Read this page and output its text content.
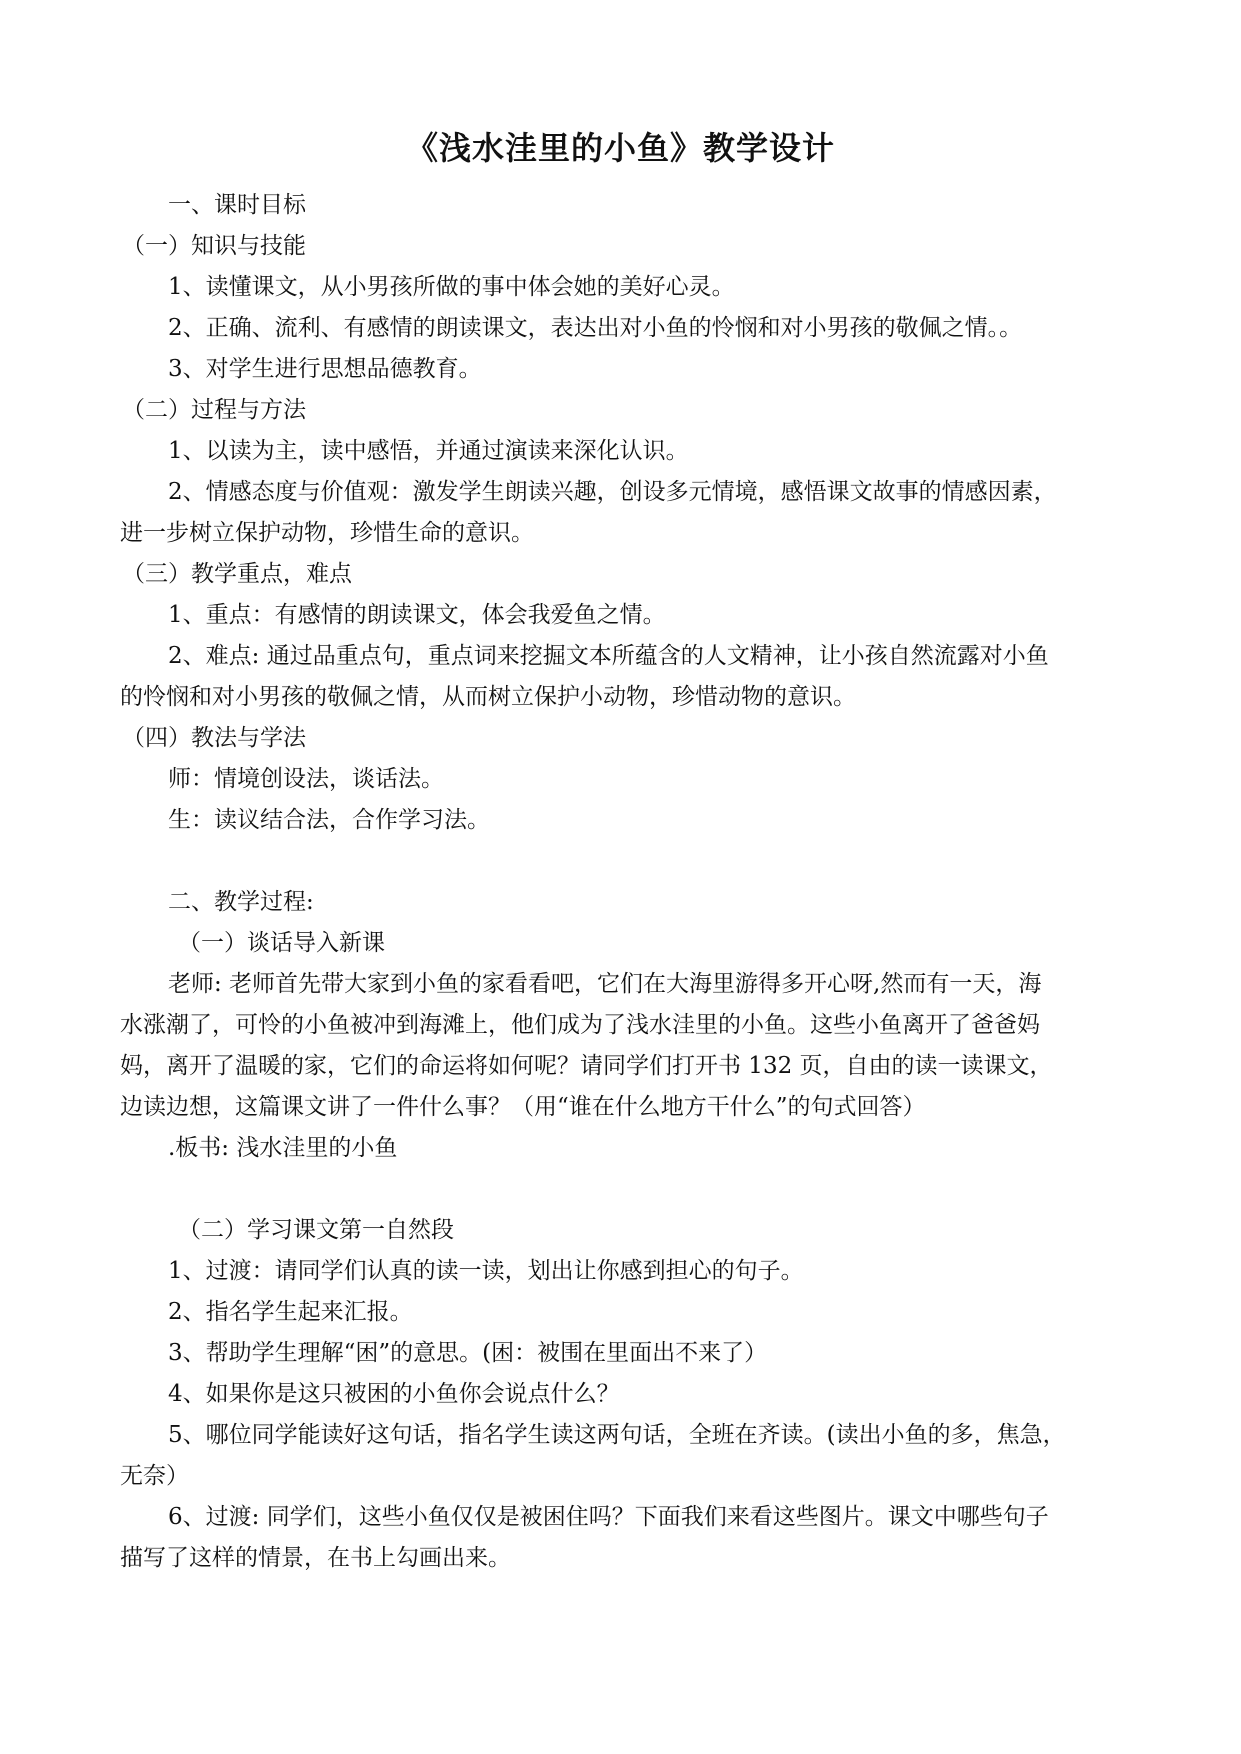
《浅水洼里的小鱼》教学设计
一、课时目标
（一）知识与技能
1、读懂课文，从小男孩所做的事中体会她的美好心灵。
2、正确、流利、有感情的朗读课文，表达出对小鱼的怜悯和对小男孩的敬佩之情。。
3、对学生进行思想品德教育。
（二）过程与方法
1、以读为主，读中感悟，并通过演读来深化认识。
2、情感态度与价值观：激发学生朗读兴趣，创设多元情境，感悟课文故事的情感因素，
进一步树立保护动物，珍惜生命的意识。
（三）教学重点，难点
1、重点：有感情的朗读课文，体会我爱鱼之情。
2、难点: 通过品重点句，重点词来挖掘文本所蕴含的人文精神，让小孩自然流露对小鱼
的怜悯和对小男孩的敬佩之情，从而树立保护小动物，珍惜动物的意识。
（四）教法与学法
师：情境创设法，谈话法。
生：读议结合法，合作学习法。
二、教学过程:
（一）谈话导入新课
老师: 老师首先带大家到小鱼的家看看吧，它们在大海里游得多开心呀,然而有一天，海
水涨潮了，可怜的小鱼被冲到海滩上，他们成为了浅水洼里的小鱼。这些小鱼离开了爸爸妈
妈，离开了温暖的家，它们的命运将如何呢？请同学们打开书 132 页，自由的读一读课文，
边读边想，这篇课文讲了一件什么事？（用“谁在什么地方干什么”的句式回答）
.板书: 浅水洼里的小鱼
（二）学习课文第一自然段
1、过渡：请同学们认真的读一读，划出让你感到担心的句子。
2、指名学生起来汇报。
3、帮助学生理解“困”的意思。(困：被围在里面出不来了）
4、如果你是这只被困的小鱼你会说点什么？
5、哪位同学能读好这句话，指名学生读这两句话，全班在齐读。(读出小鱼的多，焦急，
无奈）
6、过渡: 同学们，这些小鱼仅仅是被困住吗？下面我们来看这些图片。课文中哪些句子
描写了这样的情景，在书上勾画出来。
